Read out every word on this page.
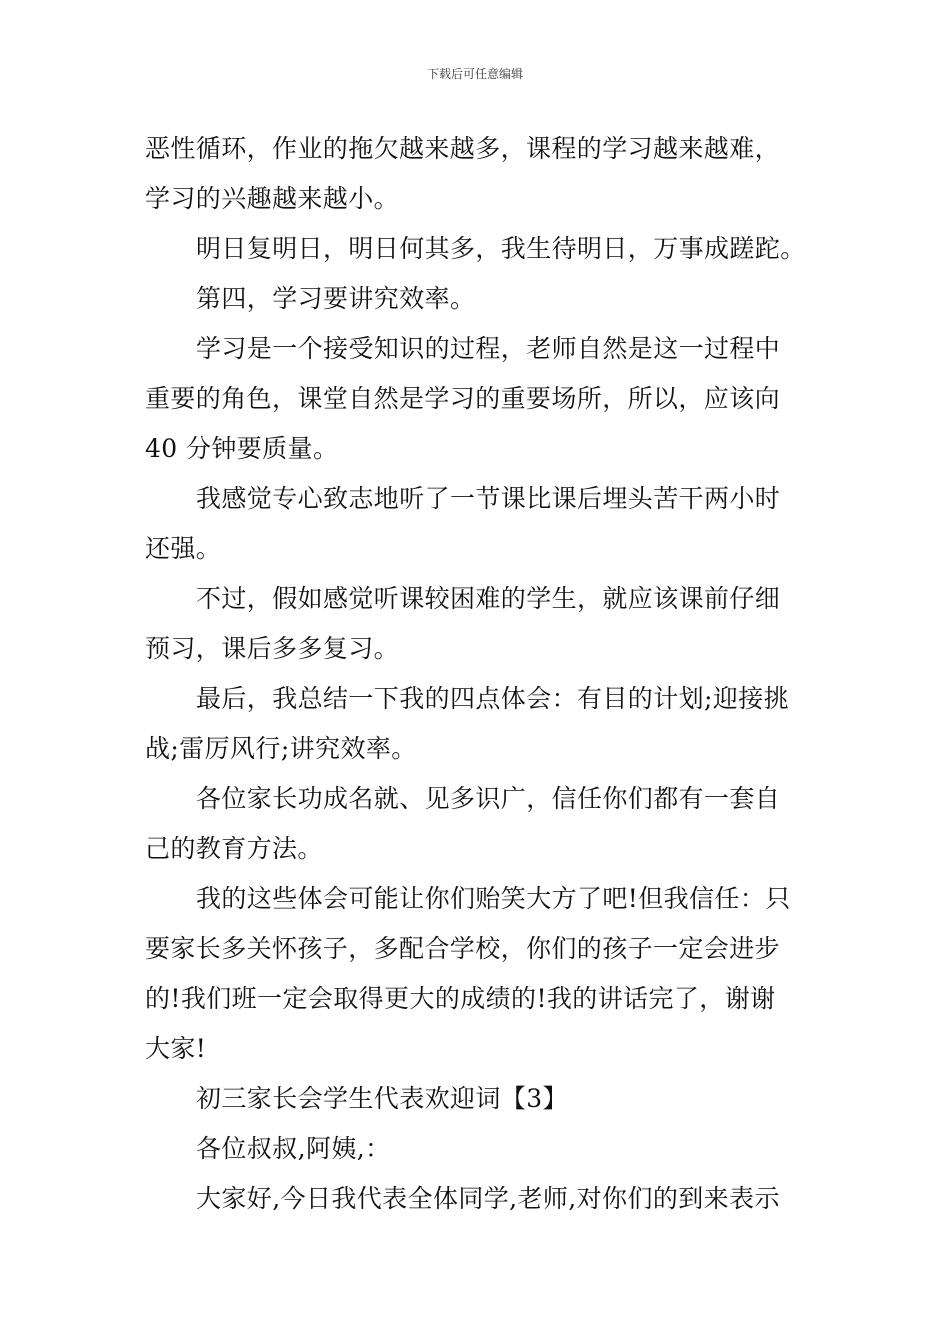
下载后可任意编辑

恶性循环，作业的拖欠越来越多，课程的学习越来越难，
学习的兴趣越来越小。

明日复明日，明日何其多，我生待明日，万事成蹉跎。

第四，学习要讲究效率。

学习是一个接受知识的过程，老师自然是这一过程中
重要的角色，课堂自然是学习的重要场所，所以，应该向
40 分钟要质量。

我感觉专心致志地听了一节课比课后埋头苦干两小时
还强。

不过，假如感觉听课较困难的学生，就应该课前仔细
预习，课后多多复习。

最后，我总结一下我的四点体会：有目的计划;迎接挑
战;雷厉风行;讲究效率。

各位家长功成名就、见多识广，信任你们都有一套自
己的教育方法。

我的这些体会可能让你们贻笑大方了吧!但我信任：只
要家长多关怀孩子，多配合学校，你们的孩子一定会进步
的!我们班一定会取得更大的成绩的!我的讲话完了，谢谢
大家!

初三家长会学生代表欢迎词【3】

各位叔叔,阿姨,：

大家好,今日我代表全体同学,老师,对你们的到来表示
